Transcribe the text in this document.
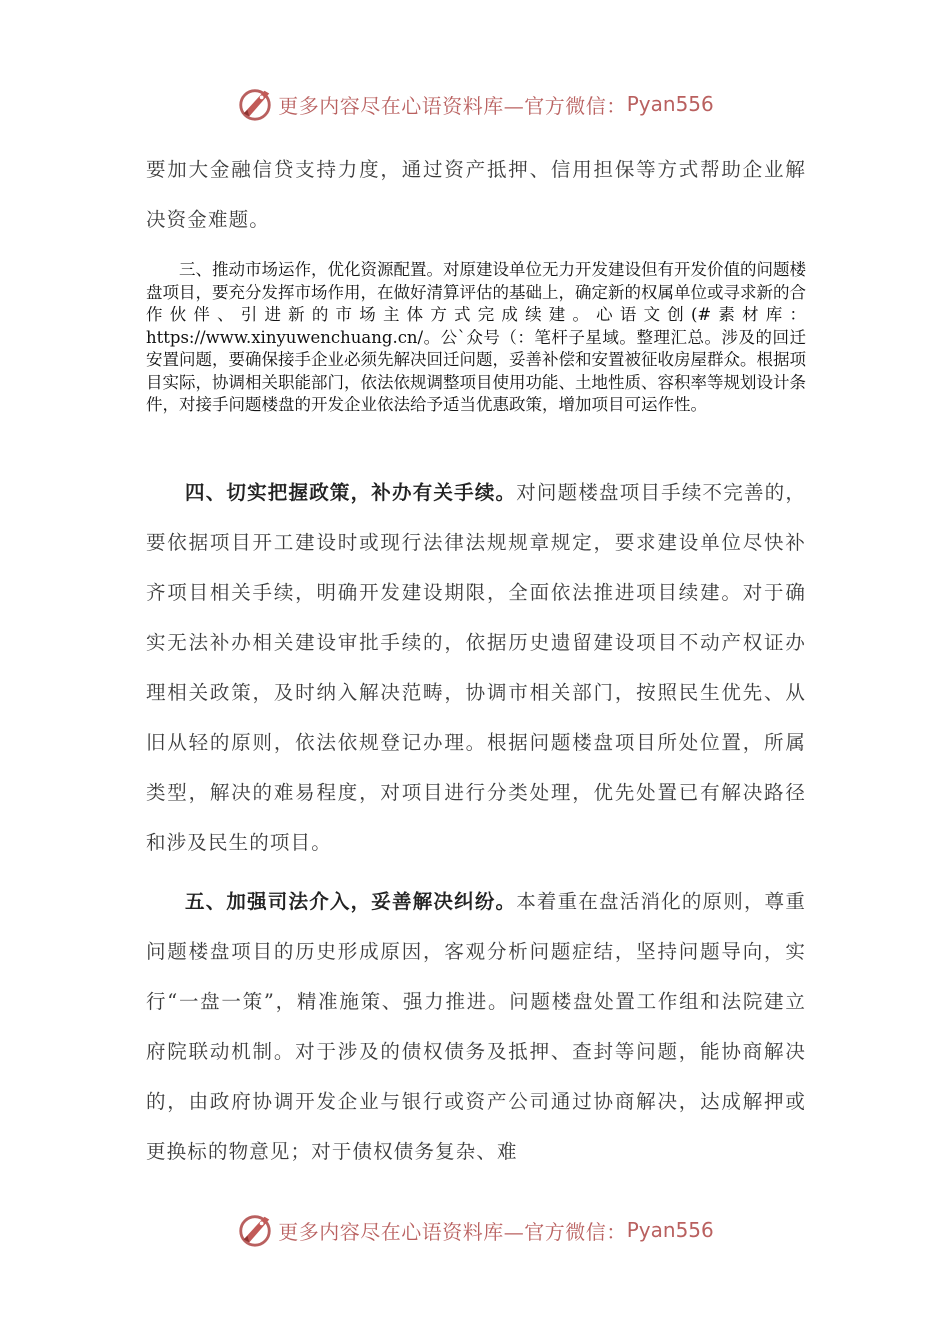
更多内容尽在心语资料库—官方微信： Pyan556

要加大金融信贷支持力度，通过资产抵押、信用担保等方式帮助企业解决资金难题。

三、推动市场运作，优化资源配置。对原建设单位无力开发建设但有开发价值的问题楼盘项目，要充分发挥市场作用，在做好清算评估的基础上，确定新的权属单位或寻求新的合作伙伴、引进新的市场主体方式完成续建。心语文创(#素材库：https://www.xinyuwenchuang.cn/。公`众号（：笔杆子星域。整理汇总。涉及的回迁安置问题，要确保接手企业必须先解决回迁问题，妥善补偿和安置被征收房屋群众。根据项目实际，协调相关职能部门，依法依规调整项目使用功能、土地性质、容积率等规划设计条件，对接手问题楼盘的开发企业依法给予适当优惠政策，增加项目可运作性。

四、切实把握政策，补办有关手续。对问题楼盘项目手续不完善的，要依据项目开工建设时或现行法律法规规章规定，要求建设单位尽快补齐项目相关手续，明确开发建设期限，全面依法推进项目续建。对于确实无法补办相关建设审批手续的，依据历史遗留建设项目不动产权证办理相关政策，及时纳入解决范畴，协调市相关部门，按照民生优先、从旧从轻的原则，依法依规登记办理。根据问题楼盘项目所处位置，所属类型，解决的难易程度，对项目进行分类处理，优先处置已有解决路径和涉及民生的项目。

五、加强司法介入，妥善解决纠纷。本着重在盘活消化的原则，尊重问题楼盘项目的历史形成原因，客观分析问题症结，坚持问题导向，实行“一盘一策”，精准施策、强力推进。问题楼盘处置工作组和法院建立府院联动机制。对于涉及的债权债务及抵押、查封等问题，能协商解决的，由政府协调开发企业与银行或资产公司通过协商解决，达成解押或更换标的物意见；对于债权债务复杂、难

更多内容尽在心语资料库—官方微信： Pyan556
